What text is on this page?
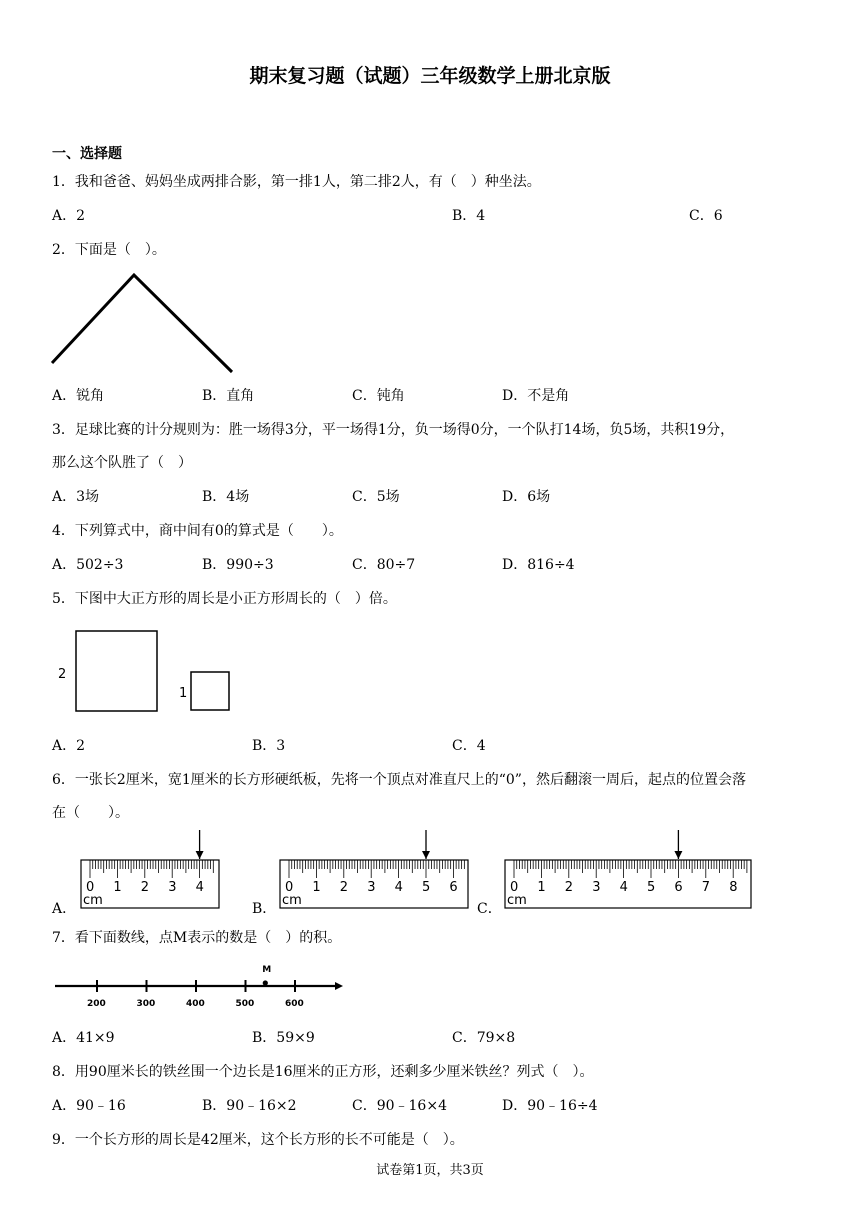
期末复习题（试题）三年级数学上册北京版
一、选择题
1．我和爸爸、妈妈坐成两排合影，第一排1人，第二排2人，有（　）种坐法。
A．2	B．4	C．6
2．下面是（　）。
A．锐角	B．直角	C．钝角	D．不是角
3．足球比赛的计分规则为：胜一场得3分，平一场得1分，负一场得0分，一个队打14场，负5场，共积19分，
那么这个队胜了（　）
A．3场	B．4场	C．5场	D．6场
4．下列算式中，商中间有0的算式是（　　）。
A．502÷3	B．990÷3	C．80÷7	D．816÷4
5．下图中大正方形的周长是小正方形周长的（　）倍。
2
1
A．2	B．3	C．4
6．一张长2厘米，宽1厘米的长方形硬纸板，先将一个顶点对准直尺上的“0”，然后翻滚一周后，起点的位置会落
在（　　）。
A．	B．	C．
0 1 2 3 4
cm
0 1 2 3 4 5 6
cm
0 1 2 3 4 5 6 7 8
cm
7．看下面数线，点M表示的数是（　）的积。
200	300	400	500	600
M
A．41×9	B．59×9	C．79×8
8．用90厘米长的铁丝围一个边长是16厘米的正方形，还剩多少厘米铁丝？列式（　）。
A．90﹣16	B．90﹣16×2	C．90﹣16×4	D．90﹣16÷4
9．一个长方形的周长是42厘米，这个长方形的长不可能是（　）。
试卷第1页，共3页
